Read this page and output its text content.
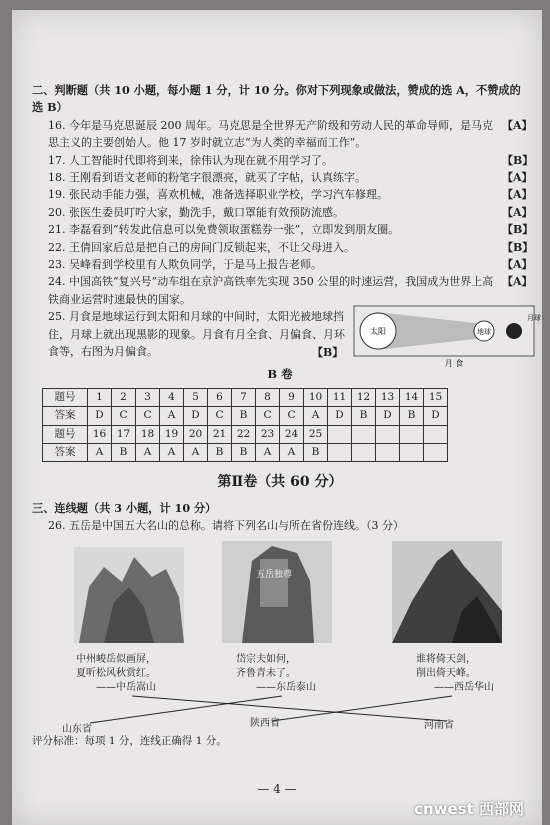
二、判断题（共 10 小题，每小题 1 分，计 10 分。你对下列现象或做法，赞成的选 A，不赞成的选 B）
16. 今年是马克思诞辰 200 周年。马克思是全世界无产阶级和劳动人民的革命导师，是马克思主义的主要创始人。他 17 岁时就立志“为人类的幸福而工作”。
【A】
17. 人工智能时代即将到来，徐伟认为现在就不用学习了。	【B】
18. 王刚看到语文老师的粉笔字很漂亮，就买了字帖，认真练字。	【A】
19. 张民动手能力强，喜欢机械，准备选择职业学校，学习汽车修理。	【A】
20. 张医生委员叮咛大家，勤洗手，戴口罩能有效预防流感。	【A】
21. 李磊看到“转发此信息可以免费领取蛋糕券一张”，立即发到朋友圈。	【B】
22. 王倩回家后总是把自己的房间门反锁起来，不让父母进入。	【B】
23. 吴峰看到学校里有人欺负同学，于是马上报告老师。	【A】
24. 中国高铁“复兴号”动车组在京沪高铁率先实现 350 公里的时速运营，我国成为世界上高铁商业运营时速最快的国家。
【A】
25. 月食是地球运行到太阳和月球的中间时，太阳光被地球挡住，月球上就出现黑影的现象。月食有月全食、月偏食、月环食等，右图为月偏食。	【B】
太阳	地球
月球
月 食
B 卷
题号	1	2	3	4	5	6	7	8	9	10	11	12	13	14	15
答案	D	C	C	A	D	C	B	C	C	A	D	B	D	B	D
题号	16	17	18	19	20	21	22	23	24	25					
答案	A	B	A	A	A	B	B	A	A	B					
第Ⅱ卷（共 60 分）
三、连线题（共 3 小题，计 10 分）
26. 五岳是中国五大名山的总称。请将下列名山与所在省份连线。（3 分）
五岳独尊
中州峻岳似画屏，
夏听松风秋赏红。
——中岳嵩山
岱宗夫如何，
齐鲁青未了。
——东岳泰山
谁将倚天剑，
削出倚天峰。
——西岳华山
山东省
陕西省	河南省
评分标准：每项 1 分，连线正确得 1 分。
— 4 —
cnwest 西部网
